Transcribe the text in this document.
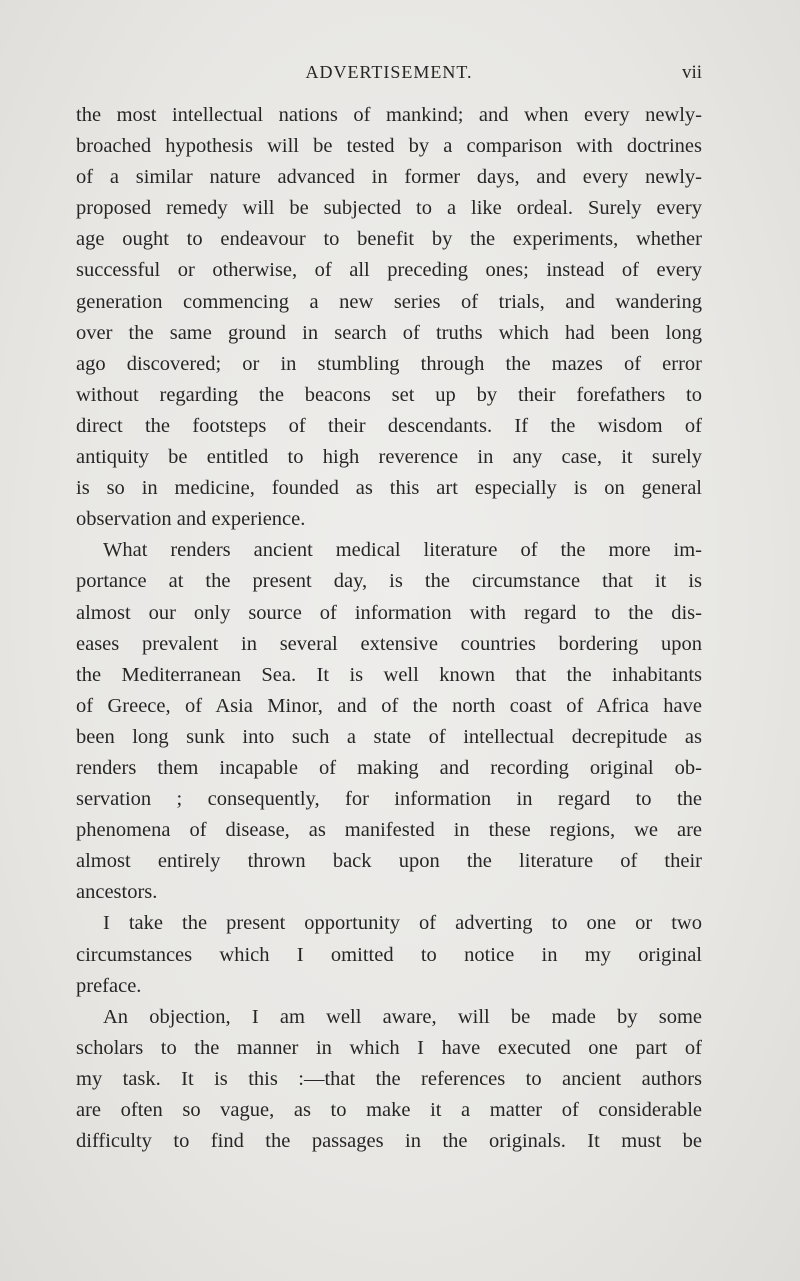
ADVERTISEMENT.	vii
the most intellectual nations of mankind; and when every newly-
broached hypothesis will be tested by a comparison with doctrines
of a similar nature advanced in former days, and every newly-
proposed remedy will be subjected to a like ordeal. Surely every
age ought to endeavour to benefit by the experiments, whether
successful or otherwise, of all preceding ones; instead of every
generation commencing a new series of trials, and wandering
over the same ground in search of truths which had been long
ago discovered; or in stumbling through the mazes of error
without regarding the beacons set up by their forefathers to
direct the footsteps of their descendants. If the wisdom of
antiquity be entitled to high reverence in any case, it surely
is so in medicine, founded as this art especially is on general
observation and experience.
What renders ancient medical literature of the more im-
portance at the present day, is the circumstance that it is
almost our only source of information with regard to the dis-
eases prevalent in several extensive countries bordering upon
the Mediterranean Sea. It is well known that the inhabitants
of Greece, of Asia Minor, and of the north coast of Africa have
been long sunk into such a state of intellectual decrepitude as
renders them incapable of making and recording original ob-
servation ; consequently, for information in regard to the
phenomena of disease, as manifested in these regions, we are
almost entirely thrown back upon the literature of their
ancestors.
I take the present opportunity of adverting to one or two
circumstances which I omitted to notice in my original
preface.
An objection, I am well aware, will be made by some
scholars to the manner in which I have executed one part of
my task. It is this :—that the references to ancient authors
are often so vague, as to make it a matter of considerable
difficulty to find the passages in the originals. It must be
